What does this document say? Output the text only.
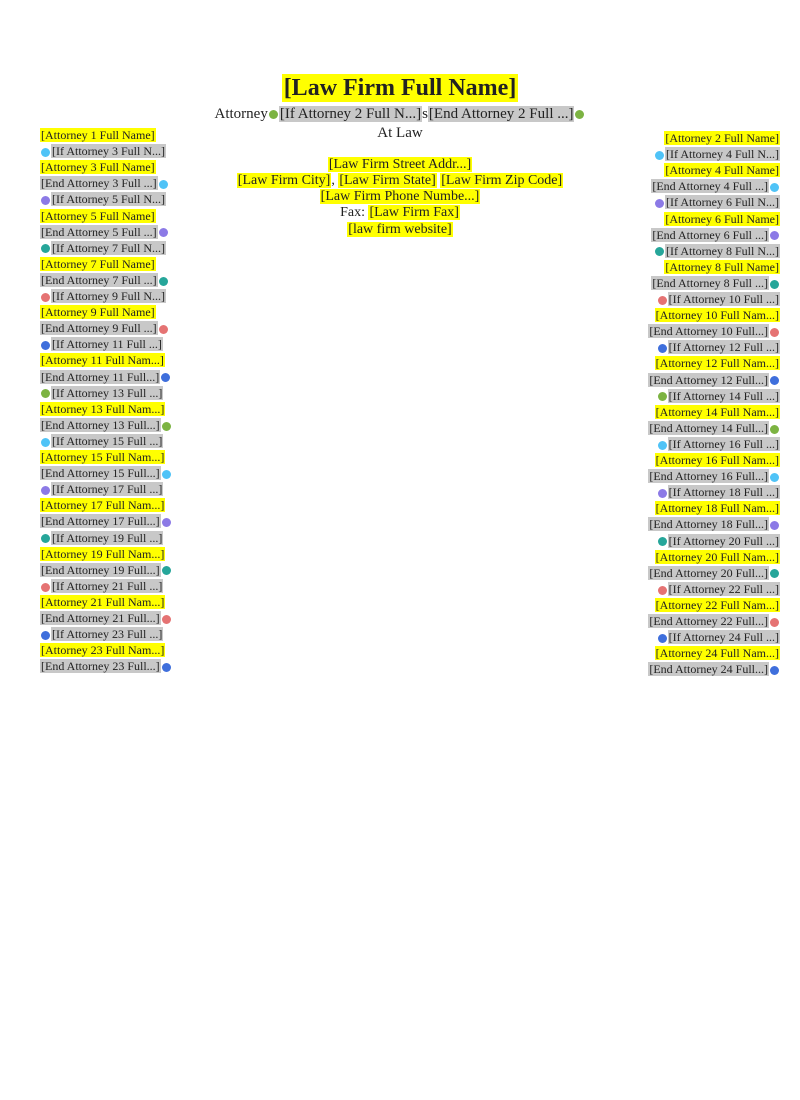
[Law Firm Full Name]
Attorney [If Attorney 2 Full N...]s[End Attorney 2 Full ...]
At Law
[Law Firm Street Addr...]
[Law Firm City], [Law Firm State] [Law Firm Zip Code]
[Law Firm Phone Numbe...]
Fax: [Law Firm Fax]
[law firm website]
[Attorney 1 Full Name]
[If Attorney 3 Full N...]
[Attorney 3 Full Name]
[End Attorney 3 Full ...]
[If Attorney 5 Full N...]
[Attorney 5 Full Name]
[End Attorney 5 Full ...]
[If Attorney 7 Full N...]
[Attorney 7 Full Name]
[End Attorney 7 Full ...]
[If Attorney 9 Full N...]
[Attorney 9 Full Name]
[End Attorney 9 Full ...]
[If Attorney 11 Full ...]
[Attorney 11 Full Nam...]
[End Attorney 11 Full...]
[If Attorney 13 Full ...]
[Attorney 13 Full Nam...]
[End Attorney 13 Full...]
[If Attorney 15 Full ...]
[Attorney 15 Full Nam...]
[End Attorney 15 Full...]
[If Attorney 17 Full ...]
[Attorney 17 Full Nam...]
[End Attorney 17 Full...]
[If Attorney 19 Full ...]
[Attorney 19 Full Nam...]
[End Attorney 19 Full...]
[If Attorney 21 Full ...]
[Attorney 21 Full Nam...]
[End Attorney 21 Full...]
[If Attorney 23 Full ...]
[Attorney 23 Full Nam...]
[End Attorney 23 Full...]
[Attorney 2 Full Name]
[If Attorney 4 Full N...]
[Attorney 4 Full Name]
[End Attorney 4 Full ...]
[If Attorney 6 Full N...]
[Attorney 6 Full Name]
[End Attorney 6 Full ...]
[If Attorney 8 Full N...]
[Attorney 8 Full Name]
[End Attorney 8 Full ...]
[If Attorney 10 Full ...]
[Attorney 10 Full Nam...]
[End Attorney 10 Full...]
[If Attorney 12 Full ...]
[Attorney 12 Full Nam...]
[End Attorney 12 Full...]
[If Attorney 14 Full ...]
[Attorney 14 Full Nam...]
[End Attorney 14 Full...]
[If Attorney 16 Full ...]
[Attorney 16 Full Nam...]
[End Attorney 16 Full...]
[If Attorney 18 Full ...]
[Attorney 18 Full Nam...]
[End Attorney 18 Full...]
[If Attorney 20 Full ...]
[Attorney 20 Full Nam...]
[End Attorney 20 Full...]
[If Attorney 22 Full ...]
[Attorney 22 Full Nam...]
[End Attorney 22 Full...]
[If Attorney 24 Full ...]
[Attorney 24 Full Nam...]
[End Attorney 24 Full...]
